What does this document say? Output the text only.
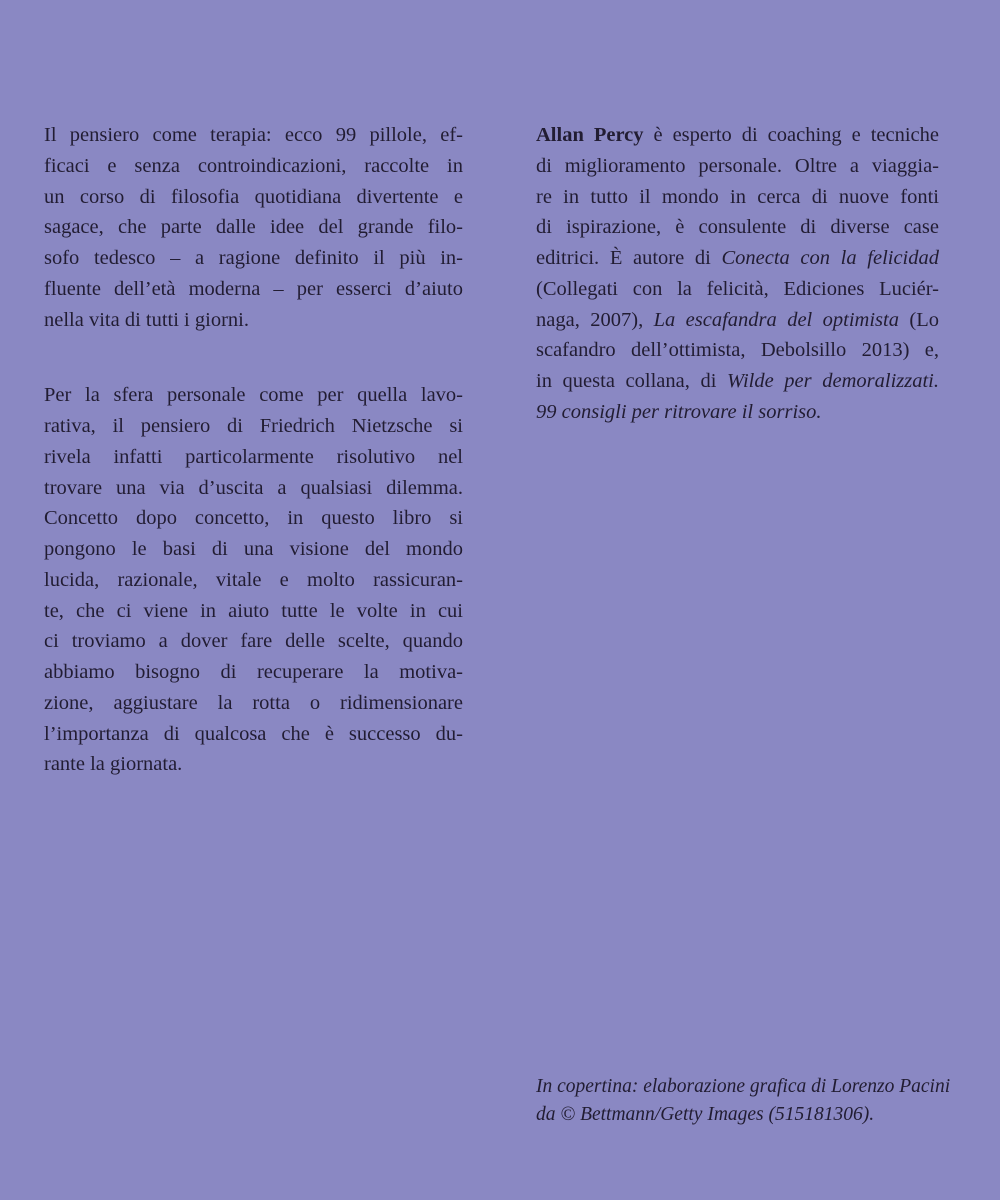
Il pensiero come terapia: ecco 99 pillole, ef-
ficaci e senza controindicazioni, raccolte in
un corso di filosofia quotidiana divertente e
sagace, che parte dalle idee del grande filo-
sofo tedesco – a ragione definito il più in-
fluente dell’età moderna – per esserci d’aiuto
nella vita di tutti i giorni.
Per la sfera personale come per quella lavo-
rativa, il pensiero di Friedrich Nietzsche si
rivela infatti particolarmente risolutivo nel
trovare una via d’uscita a qualsiasi dilemma.
Concetto dopo concetto, in questo libro si
pongono le basi di una visione del mondo
lucida, razionale, vitale e molto rassicuran-
te, che ci viene in aiuto tutte le volte in cui
ci troviamo a dover fare delle scelte, quando
abbiamo bisogno di recuperare la motiva-
zione, aggiustare la rotta o ridimensionare
l’importanza di qualcosa che è successo du-
rante la giornata.
Allan Percy è esperto di coaching e tecniche
di miglioramento personale. Oltre a viaggia-
re in tutto il mondo in cerca di nuove fonti
di ispirazione, è consulente di diverse case
editrici. È autore di Conecta con la felicidad
(Collegati con la felicità, Ediciones Luciér-
naga, 2007), La escafandra del optimista (Lo
scafandro dell’ottimista, Debolsillo 2013) e,
in questa collana, di Wilde per demoralizzati.
99 consigli per ritrovare il sorriso.
In copertina: elaborazione grafica di Lorenzo Pacini
da © Bettmann/Getty Images (515181306).
